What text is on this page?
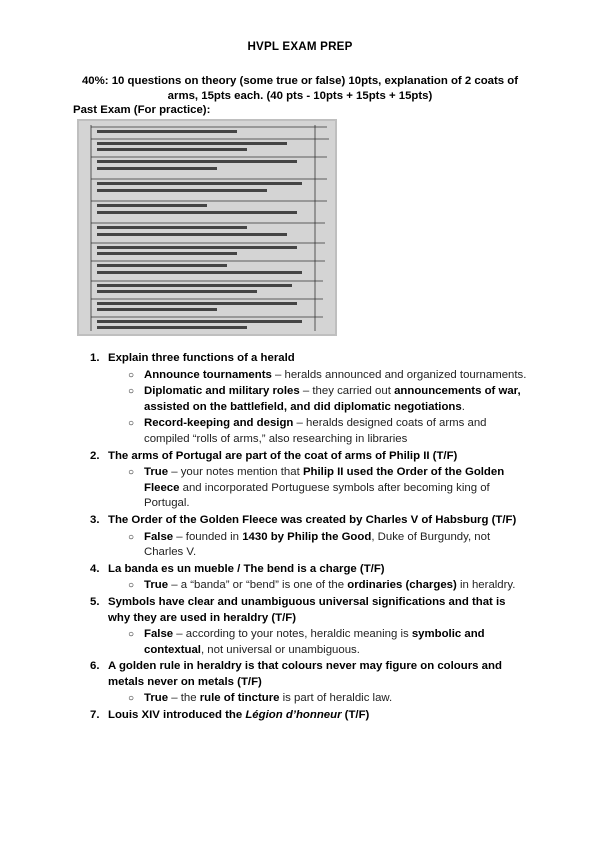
HVPL EXAM PREP
40%: 10 questions on theory (some true or false) 10pts, explanation of 2 coats of arms, 15pts each. (40 pts - 10pts + 15pts + 15pts)
Past Exam (For practice):
1. Explain three functions of a herald
○ Announce tournaments – heralds announced and organized tournaments.
○ Diplomatic and military roles – they carried out announcements of war, assisted on the battlefield, and did diplomatic negotiations.
○ Record-keeping and design – heralds designed coats of arms and compiled “rolls of arms,” also researching in libraries
2. The arms of Portugal are part of the coat of arms of Philip II (T/F)
○ True – your notes mention that Philip II used the Order of the Golden Fleece and incorporated Portuguese symbols after becoming king of Portugal.
3. The Order of the Golden Fleece was created by Charles V of Habsburg (T/F)
○ False – founded in 1430 by Philip the Good, Duke of Burgundy, not Charles V.
4. La banda es un mueble / The bend is a charge (T/F)
○ True – a “banda” or “bend” is one of the ordinaries (charges) in heraldry.
5. Symbols have clear and unambiguous universal significations and that is why they are used in heraldry (T/F)
○ False – according to your notes, heraldic meaning is symbolic and contextual, not universal or unambiguous.
6. A golden rule in heraldry is that colours never may figure on colours and metals never on metals (T/F)
○ True – the rule of tincture is part of heraldic law.
7. Louis XIV introduced the Légion d’honneur (T/F)
